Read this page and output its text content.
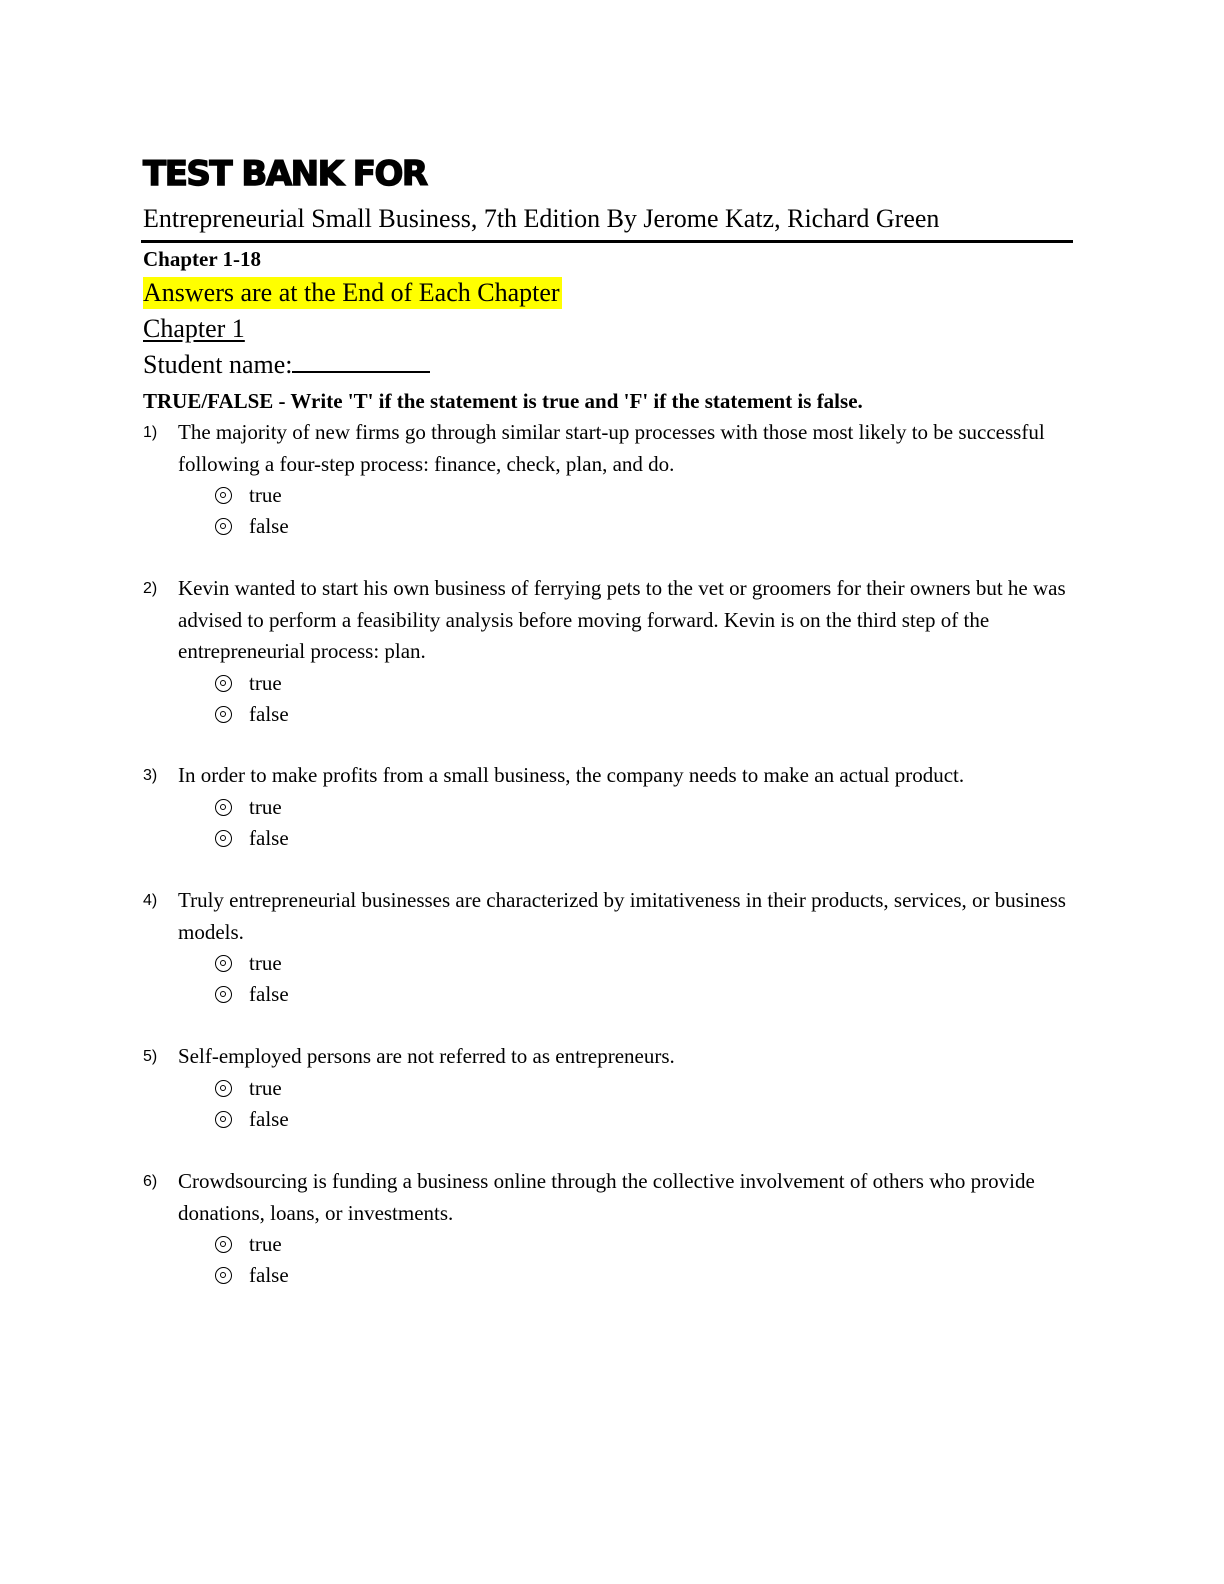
TEST BANK FOR
Entrepreneurial Small Business, 7th Edition By Jerome Katz, Richard Green
Chapter 1-18
Answers are at the End of Each Chapter
Chapter 1
Student name:
TRUE/FALSE - Write 'T' if the statement is true and 'F' if the statement is false.
1) The majority of new firms go through similar start-up processes with those most likely to be successful following a four-step process: finance, check, plan, and do.
true
false
2) Kevin wanted to start his own business of ferrying pets to the vet or groomers for their owners but he was advised to perform a feasibility analysis before moving forward. Kevin is on the third step of the entrepreneurial process: plan.
true
false
3) In order to make profits from a small business, the company needs to make an actual product.
true
false
4) Truly entrepreneurial businesses are characterized by imitativeness in their products, services, or business models.
true
false
5) Self-employed persons are not referred to as entrepreneurs.
true
false
6) Crowdsourcing is funding a business online through the collective involvement of others who provide donations, loans, or investments.
true
false
